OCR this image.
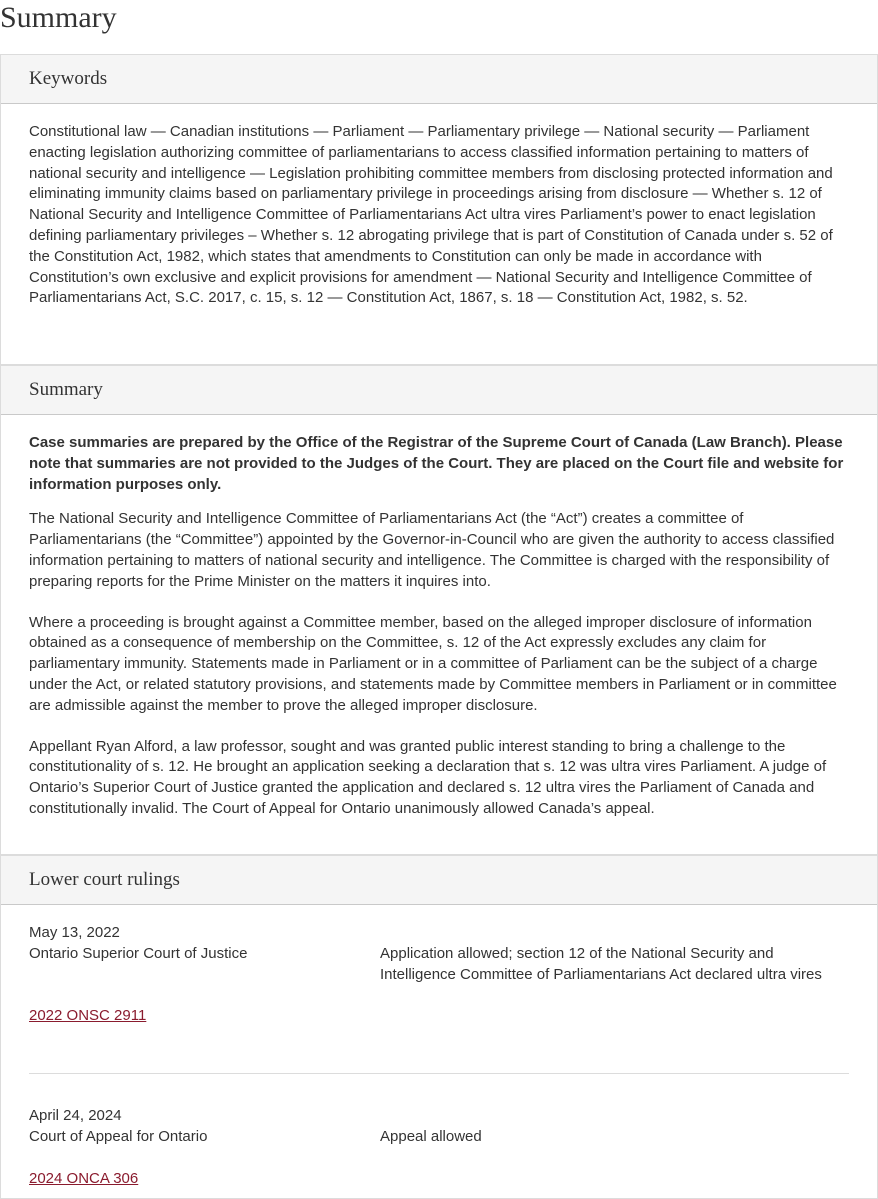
Summary
Keywords

Constitutional law — Canadian institutions — Parliament — Parliamentary privilege — National security — Parliament enacting legislation authorizing committee of parliamentarians to access classified information pertaining to matters of national security and intelligence — Legislation prohibiting committee members from disclosing protected information and eliminating immunity claims based on parliamentary privilege in proceedings arising from disclosure — Whether s. 12 of National Security and Intelligence Committee of Parliamentarians Act ultra vires Parliament’s power to enact legislation defining parliamentary privileges – Whether s. 12 abrogating privilege that is part of Constitution of Canada under s. 52 of the Constitution Act, 1982, which states that amendments to Constitution can only be made in accordance with Constitution’s own exclusive and explicit provisions for amendment — National Security and Intelligence Committee of Parliamentarians Act, S.C. 2017, c. 15, s. 12 — Constitution Act, 1867, s. 18 — Constitution Act, 1982, s. 52.

Summary

Case summaries are prepared by the Office of the Registrar of the Supreme Court of Canada (Law Branch). Please note that summaries are not provided to the Judges of the Court. They are placed on the Court file and website for information purposes only.

The National Security and Intelligence Committee of Parliamentarians Act (the “Act”) creates a committee of Parliamentarians (the “Committee”) appointed by the Governor-in-Council who are given the authority to access classified information pertaining to matters of national security and intelligence. The Committee is charged with the responsibility of preparing reports for the Prime Minister on the matters it inquires into.

Where a proceeding is brought against a Committee member, based on the alleged improper disclosure of information obtained as a consequence of membership on the Committee, s. 12 of the Act expressly excludes any claim for parliamentary immunity. Statements made in Parliament or in a committee of Parliament can be the subject of a charge under the Act, or related statutory provisions, and statements made by Committee members in Parliament or in committee are admissible against the member to prove the alleged improper disclosure.

Appellant Ryan Alford, a law professor, sought and was granted public interest standing to bring a challenge to the constitutionality of s. 12. He brought an application seeking a declaration that s. 12 was ultra vires Parliament. A judge of Ontario’s Superior Court of Justice granted the application and declared s. 12 ultra vires the Parliament of Canada and constitutionally invalid. The Court of Appeal for Ontario unanimously allowed Canada’s appeal.

Lower court rulings
May 13, 2022
Ontario Superior Court of Justice	Application allowed; section 12 of the National Security and Intelligence Committee of Parliamentarians Act declared ultra vires
2022 ONSC 2911
April 24, 2024
Court of Appeal for Ontario	Appeal allowed
2024 ONCA 306
